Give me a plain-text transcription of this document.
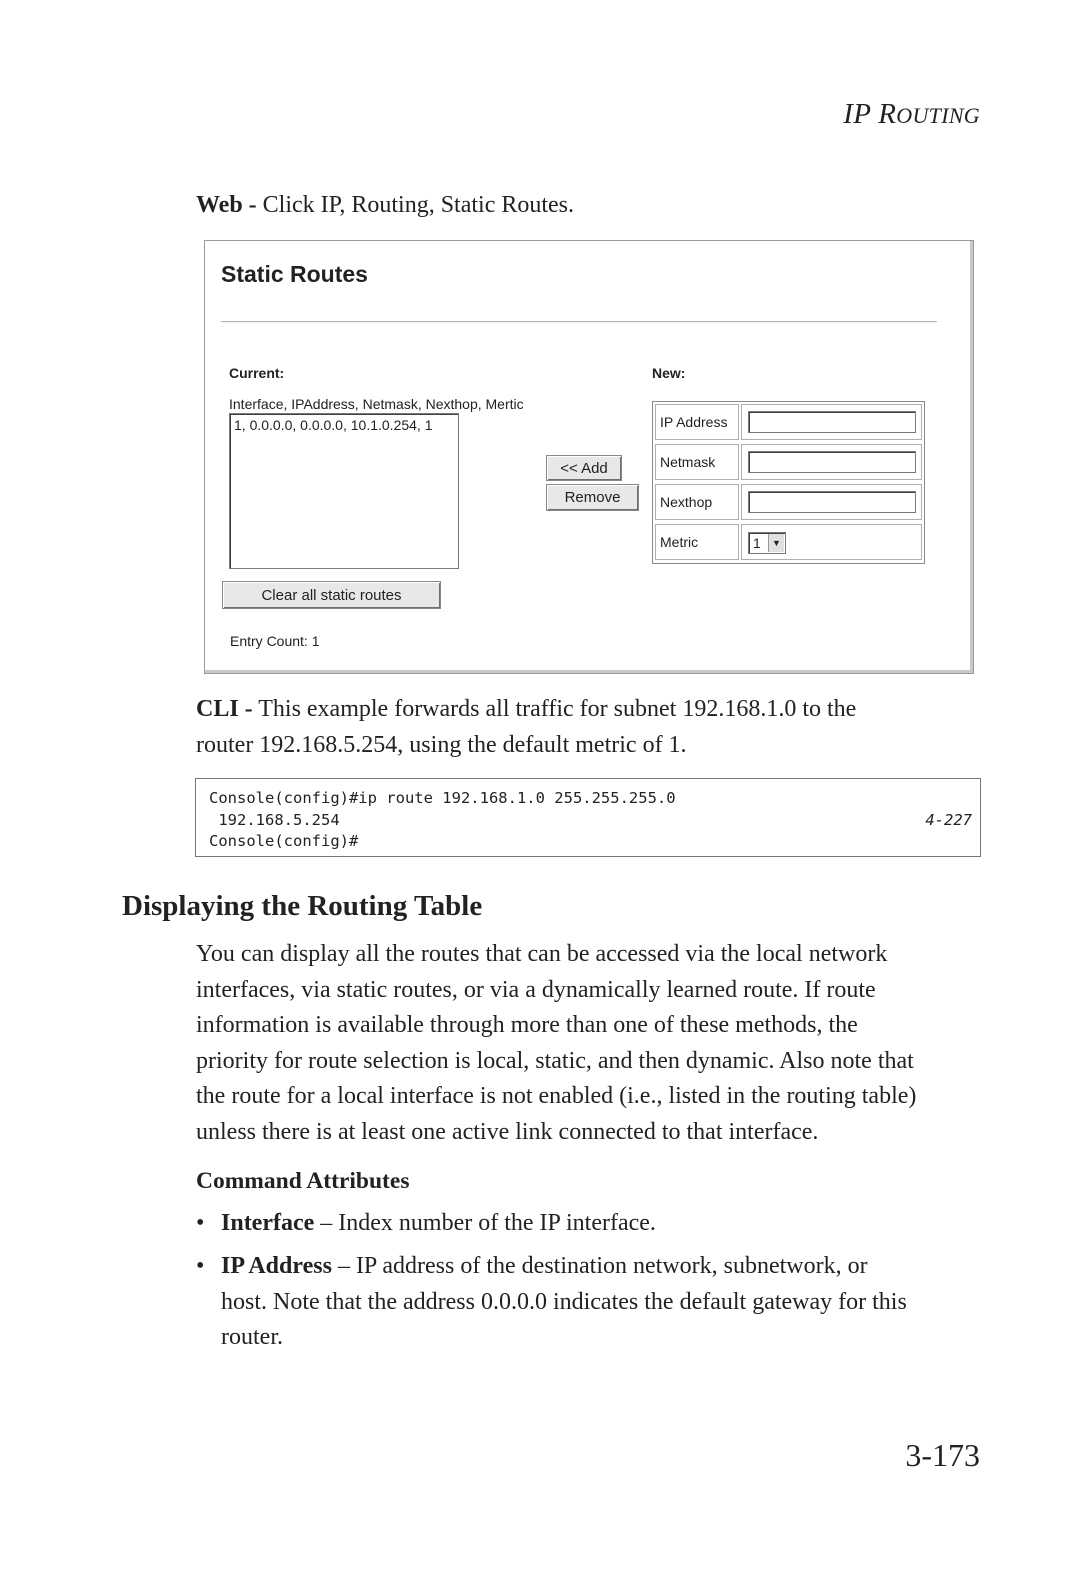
IP ROUTING
Web - Click IP, Routing, Static Routes.
Static Routes
Current:
Interface, IPAddress, Netmask, Nexthop, Mertic
1, 0.0.0.0, 0.0.0.0, 10.1.0.254, 1
Clear all static routes
Entry Count: 1
<< Add
Remove
New:
IP Address
Netmask
Nexthop
Metric	1	▼
CLI - This example forwards all traffic for subnet 192.168.1.0 to the
router 192.168.5.254, using the default metric of 1.
Console(config)#ip route 192.168.1.0 255.255.255.0
192.168.5.254
Console(config)#
4-227
Displaying the Routing Table
You can display all the routes that can be accessed via the local network
interfaces, via static routes, or via a dynamically learned route. If route
information is available through more than one of these methods, the
priority for route selection is local, static, and then dynamic. Also note that
the route for a local interface is not enabled (i.e., listed in the routing table)
unless there is at least one active link connected to that interface.
Command Attributes
• Interface – Index number of the IP interface.
• IP Address – IP address of the destination network, subnetwork, or
host. Note that the address 0.0.0.0 indicates the default gateway for this
router.
3-173
